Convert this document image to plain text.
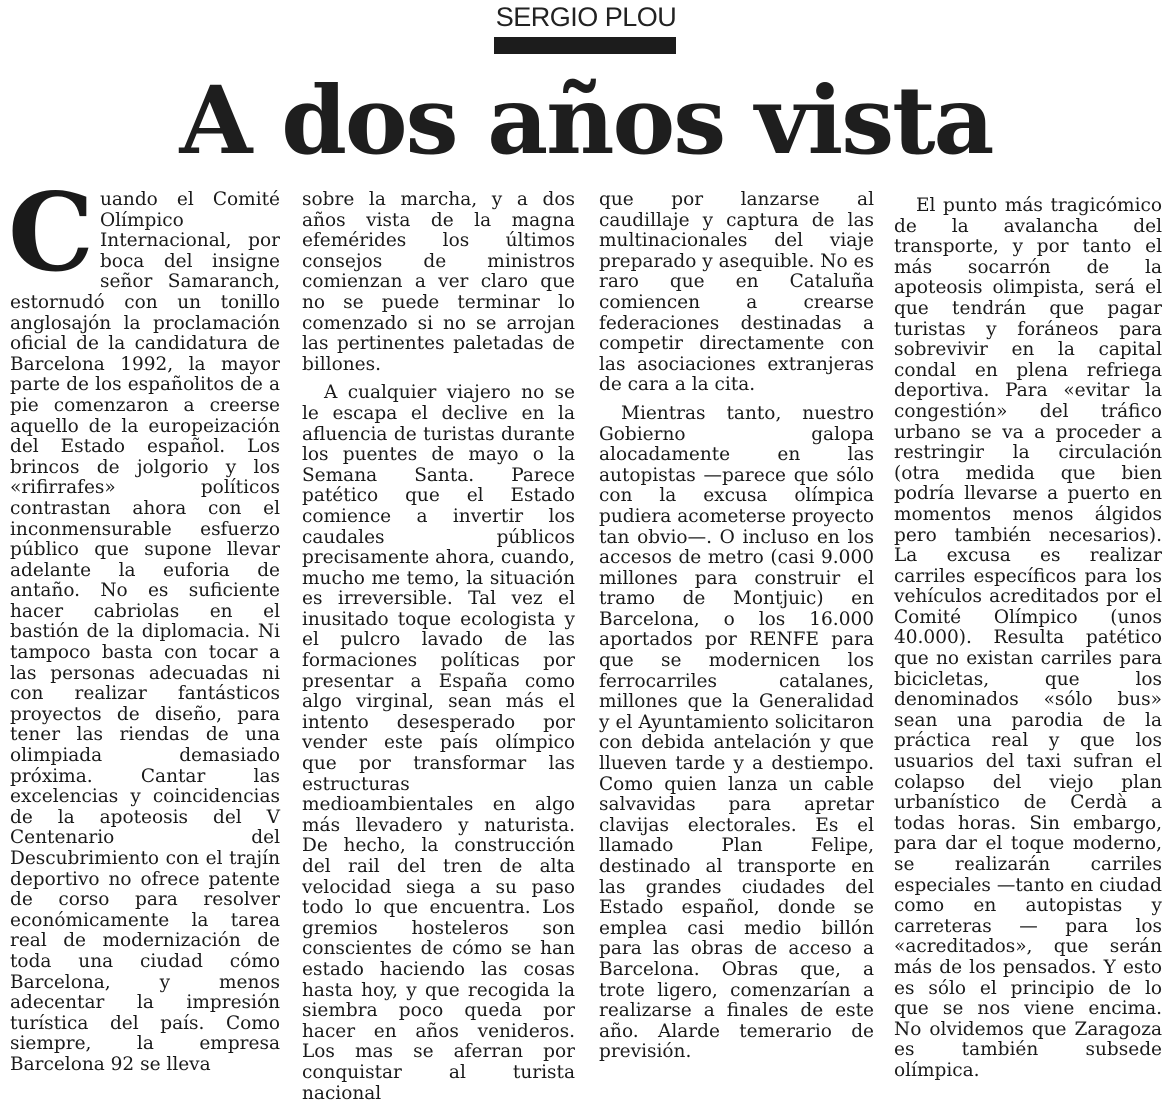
SERGIO PLOU
A dos años vista
C uando el Comité Olímpico Internacional, por boca del insigne señor Samaranch, estornudó con un tonillo anglosajón la proclamación oficial de la candidatura de Barcelona 1992, la mayor parte de los españolitos de a pie comenzaron a creerse aquello de la europeización del Estado español. Los brincos de jolgorio y los «rifirrafes» políticos contrastan ahora con el inconmensurable esfuerzo público que supone llevar adelante la euforia de antaño. No es suficiente hacer cabriolas en el bastión de la diplomacia. Ni tampoco basta con tocar a las personas adecuadas ni con realizar fantásticos proyectos de diseño, para tener las riendas de una olimpiada demasiado próxima. Cantar las excelencias y coincidencias de la apoteosis del V Centenario del Descubrimiento con el trajín deportivo no ofrece patente de corso para resolver económicamente la tarea real de modernización de toda una ciudad cómo Barcelona, y menos adecentar la impresión turística del país. Como siempre, la empresa Barcelona 92 se lleva

sobre la marcha, y a dos años vista de la magna efemérides los últimos consejos de ministros comienzan a ver claro que no se puede terminar lo comenzado si no se arrojan las pertinentes paletadas de billones.

A cualquier viajero no se le escapa el declive en la afluencia de turistas durante los puentes de mayo o la Semana Santa. Parece patético que el Estado comience a invertir los caudales públicos precisamente ahora, cuando, mucho me temo, la situación es irreversible. Tal vez el inusitado toque ecologista y el pulcro lavado de las formaciones políticas por presentar a España como algo virginal, sean más el intento desesperado por vender este país olímpico que por transformar las estructuras medioambientales en algo más llevadero y naturista. De hecho, la construcción del rail del tren de alta velocidad siega a su paso todo lo que encuentra. Los gremios hosteleros son conscientes de cómo se han estado haciendo las cosas hasta hoy, y que recogida la siembra poco queda por hacer en años venideros. Los mas se aferran por conquistar al turista nacional

que por lanzarse al caudillaje y captura de las multinacionales del viaje preparado y asequible. No es raro que en Cataluña comiencen a crearse federaciones destinadas a competir directamente con las asociaciones extranjeras de cara a la cita.

Mientras tanto, nuestro Gobierno galopa alocadamente en las autopistas —parece que sólo con la excusa olímpica pudiera acometerse proyecto tan obvio—. O incluso en los accesos de metro (casi 9.000 millones para construir el tramo de Montjuic) en Barcelona, o los 16.000 aportados por RENFE para que se modernicen los ferrocarriles catalanes, millones que la Generalidad y el Ayuntamiento solicitaron con debida antelación y que llueven tarde y a destiempo. Como quien lanza un cable salvavidas para apretar clavijas electorales. Es el llamado Plan Felipe, destinado al transporte en las grandes ciudades del Estado español, donde se emplea casi medio billón para las obras de acceso a Barcelona. Obras que, a trote ligero, comenzarían a realizarse a finales de este año. Alarde temerario de previsión.

El punto más tragicómico de la avalancha del transporte, y por tanto el más socarrón de la apoteosis olimpista, será el que tendrán que pagar turistas y foráneos para sobrevivir en la capital condal en plena refriega deportiva. Para «evitar la congestión» del tráfico urbano se va a proceder a restringir la circulación (otra medida que bien podría llevarse a puerto en momentos menos álgidos pero también necesarios). La excusa es realizar carriles específicos para los vehículos acreditados por el Comité Olímpico (unos 40.000). Resulta patético que no existan carriles para bicicletas, que los denominados «sólo bus» sean una parodia de la práctica real y que los usuarios del taxi sufran el colapso del viejo plan urbanístico de Cerdà a todas horas. Sin embargo, para dar el toque moderno, se realizarán carriles especiales —tanto en ciudad como en autopistas y carreteras — para los «acreditados», que serán más de los pensados. Y esto es sólo el principio de lo que se nos viene encima. No olvidemos que Zaragoza es también subsede olímpica.
